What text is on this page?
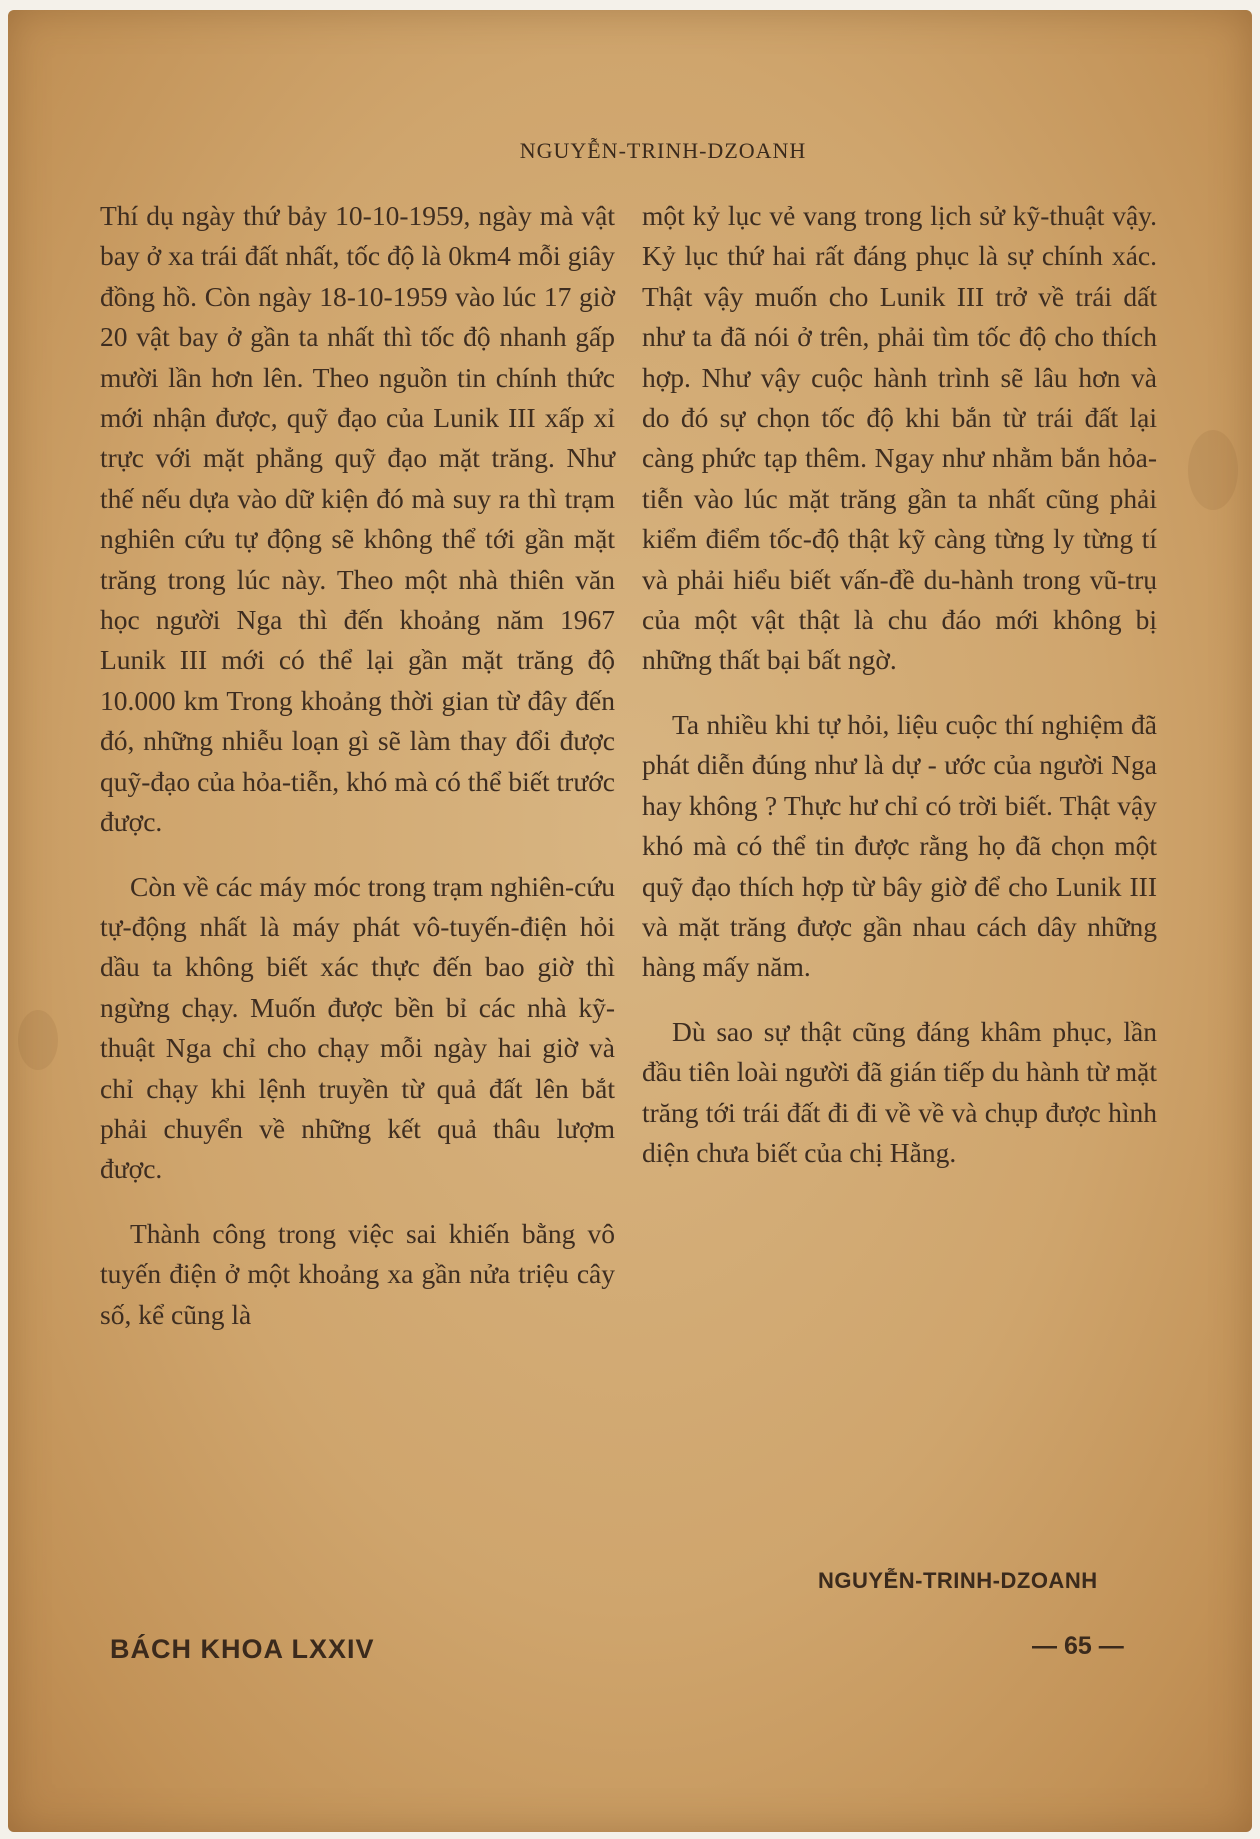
NGUYỄN-TRINH-DZOANH

Thí dụ ngày thứ bảy 10-10-1959, ngày mà vật bay ở xa trái đất nhất, tốc độ là 0km4 mỗi giây đồng hồ. Còn ngày 18-10-1959 vào lúc 17 giờ 20 vật bay ở gần ta nhất thì tốc độ nhanh gấp mười lần hơn lên. Theo nguồn tin chính thức mới nhận được, quỹ đạo của Lunik III xấp xỉ trực với mặt phẳng quỹ đạo mặt trăng. Như thế nếu dựa vào dữ kiện đó mà suy ra thì trạm nghiên cứu tự động sẽ không thể tới gần mặt trăng trong lúc này. Theo một nhà thiên văn học người Nga thì đến khoảng năm 1967 Lunik III mới có thể lại gần mặt trăng độ 10.000 km Trong khoảng thời gian từ đây đến đó, những nhiễu loạn gì sẽ làm thay đổi được quỹ-đạo của hỏa-tiễn, khó mà có thể biết trước được.

Còn về các máy móc trong trạm nghiên-cứu tự-động nhất là máy phát vô-tuyến-điện hỏi dầu ta không biết xác thực đến bao giờ thì ngừng chạy. Muốn được bền bỉ các nhà kỹ-thuật Nga chỉ cho chạy mỗi ngày hai giờ và chỉ chạy khi lệnh truyền từ quả đất lên bắt phải chuyển về những kết quả thâu lượm được.

Thành công trong việc sai khiến bằng vô tuyến điện ở một khoảng xa gần nửa triệu cây số, kể cũng là

một kỷ lục vẻ vang trong lịch sử kỹ-thuật vậy. Kỷ lục thứ hai rất đáng phục là sự chính xác. Thật vậy muốn cho Lunik III trở về trái dất như ta đã nói ở trên, phải tìm tốc độ cho thích hợp. Như vậy cuộc hành trình sẽ lâu hơn và do đó sự chọn tốc độ khi bắn từ trái đất lại càng phức tạp thêm. Ngay như nhằm bắn hỏa-tiễn vào lúc mặt trăng gần ta nhất cũng phải kiểm điểm tốc-độ thật kỹ càng từng ly từng tí và phải hiểu biết vấn-đề du-hành trong vũ-trụ của một vật thật là chu đáo mới không bị những thất bại bất ngờ.

Ta nhiều khi tự hỏi, liệu cuộc thí nghiệm đã phát diễn đúng như là dự - ước của người Nga hay không ? Thực hư chỉ có trời biết. Thật vậy khó mà có thể tin được rằng họ đã chọn một quỹ đạo thích hợp từ bây giờ để cho Lunik III và mặt trăng được gần nhau cách dây những hàng mấy năm.

Dù sao sự thật cũng đáng khâm phục, lần đầu tiên loài người đã gián tiếp du hành từ mặt trăng tới trái đất đi đi về về và chụp được hình diện chưa biết của chị Hằng.

NGUYỄN-TRINH-DZOANH
BÁCH KHOA LXXIV	— 65 —
